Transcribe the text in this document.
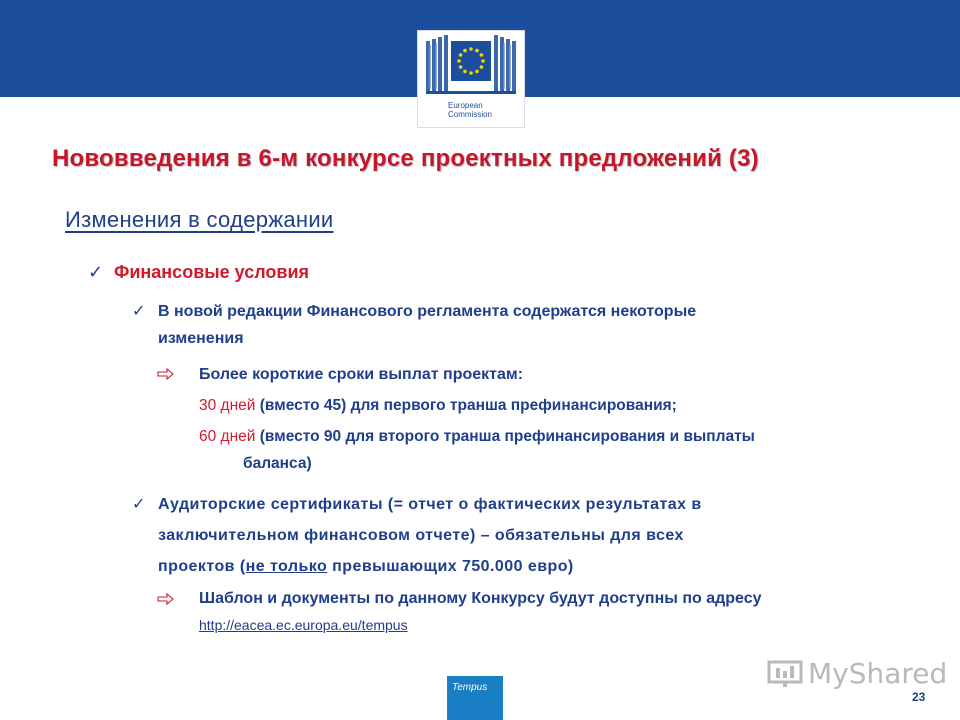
European
Commission
Нововведения в 6-м конкурсе проектных предложений (3)
Изменения в содержании
✓ Финансовые условия
✓ В новой редакции Финансового регламента содержатся некоторые
изменения
Более короткие сроки выплат проектам:
30 дней (вместо 45) для первого транша префинансирования;
60 дней (вместо 90 для второго транша префинансирования и выплаты
баланса)
✓ Аудиторские сертификаты (= отчет о фактических результатах в
заключительном финансовом отчете) – обязательны для всех
проектов (не только превышающих 750.000 евро)
Шаблон и документы по данному Конкурсу будут доступны по адресу
http://eacea.ec.europa.eu/tempus
Tempus	MyShared
23
